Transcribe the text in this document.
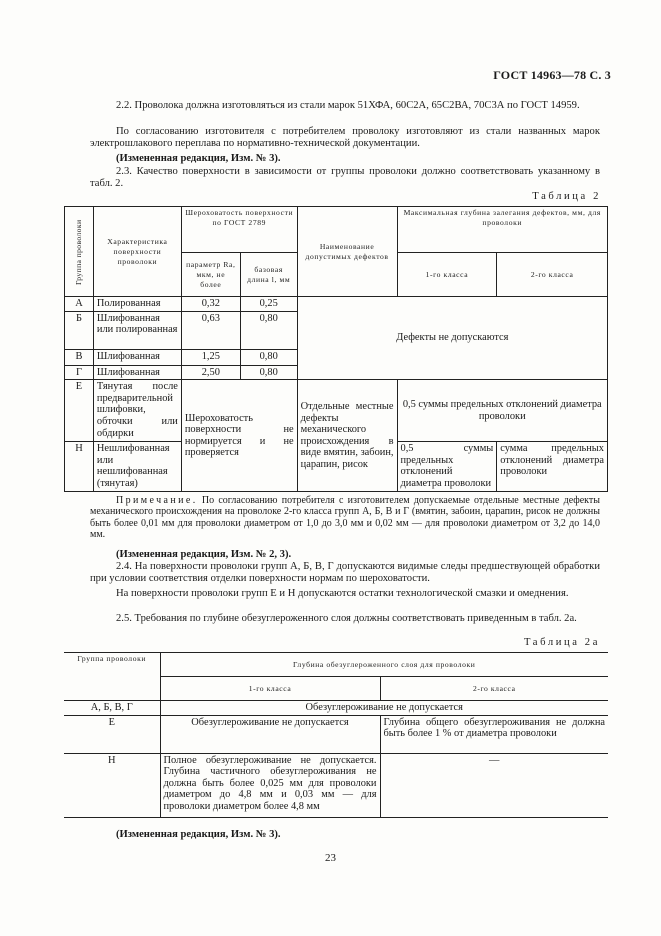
ГОСТ 14963—78 С. 3
2.2. Проволока должна изготовляться из стали марок 51ХФА, 60С2А, 65С2ВА, 70С3А по ГОСТ 14959.
По согласованию изготовителя с потребителем проволоку изготовляют из стали названных марок электрошлакового переплава по нормативно-технической документации.
(Измененная редакция, Изм. № 3).
2.3. Качество поверхности в зависимости от группы проволоки должно соответствовать указанному в табл. 2.
Таблица 2
Группа проволоки	Характеристика поверхности проволоки	Шероховатость поверхности по ГОСТ 2789		Наименование допустимых дефектов	Максимальная глубина залегания дефектов, мм, для проволоки	
		параметр Ra, мкм, не более	базовая длина l, мм		1-го класса	2-го класса
А	Полированная	0,32	0,25	Дефекты не допускаются		
Б	Шлифованная или полированная	0,63	0,80			
В	Шлифованная	1,25	0,80			
Г	Шлифованная	2,50	0,80			
Е	Тянутая после предварительной шлифовки, обточки или обдирки	Шероховатость поверхности не нормируется и не проверяется		Отдельные местные дефекты механического происхождения в виде вмятин, забоин, царапин, рисок	0,5 суммы предельных отклонений диаметра проволоки	
Н	Нешлифованная или нешлифованная (тянутая)				0,5 суммы предельных отклонений диаметра проволоки	сумма предельных отклонений диаметра проволоки
Примечание. По согласованию потребителя с изготовителем допускаемые отдельные местные дефекты механического происхождения на проволоке 2-го класса групп А, Б, В и Г (вмятин, забоин, царапин, рисок не должны быть более 0,01 мм для проволоки диаметром от 1,0 до 3,0 мм и 0,02 мм — для проволоки диаметром от 3,2 до 14,0 мм.
(Измененная редакция, Изм. № 2, 3).
2.4. На поверхности проволоки групп А, Б, В, Г допускаются видимые следы предшествующей обработки при условии соответствия отделки поверхности нормам по шероховатости.
На поверхности проволоки групп Е и Н допускаются остатки технологической смазки и омеднения.
2.5. Требования по глубине обезуглероженного слоя должны соответствовать приведенным в табл. 2а.
Таблица 2а
Группа проволоки	Глубина обезуглероженного слоя для проволоки	
	1-го класса	2-го класса
А, Б, В, Г	Обезуглероживание не допускается	
Е	Обезуглероживание не допускается	Глубина общего обезуглероживания не должна быть более 1 % от диаметра проволоки
Н	Полное обезуглероживание не допускается. Глубина частичного обезуглероживания не должна быть более 0,025 мм для проволоки диаметром до 4,8 мм и 0,03 мм — для проволоки диаметром более 4,8 мм	—
(Измененная редакция, Изм. № 3).
23
